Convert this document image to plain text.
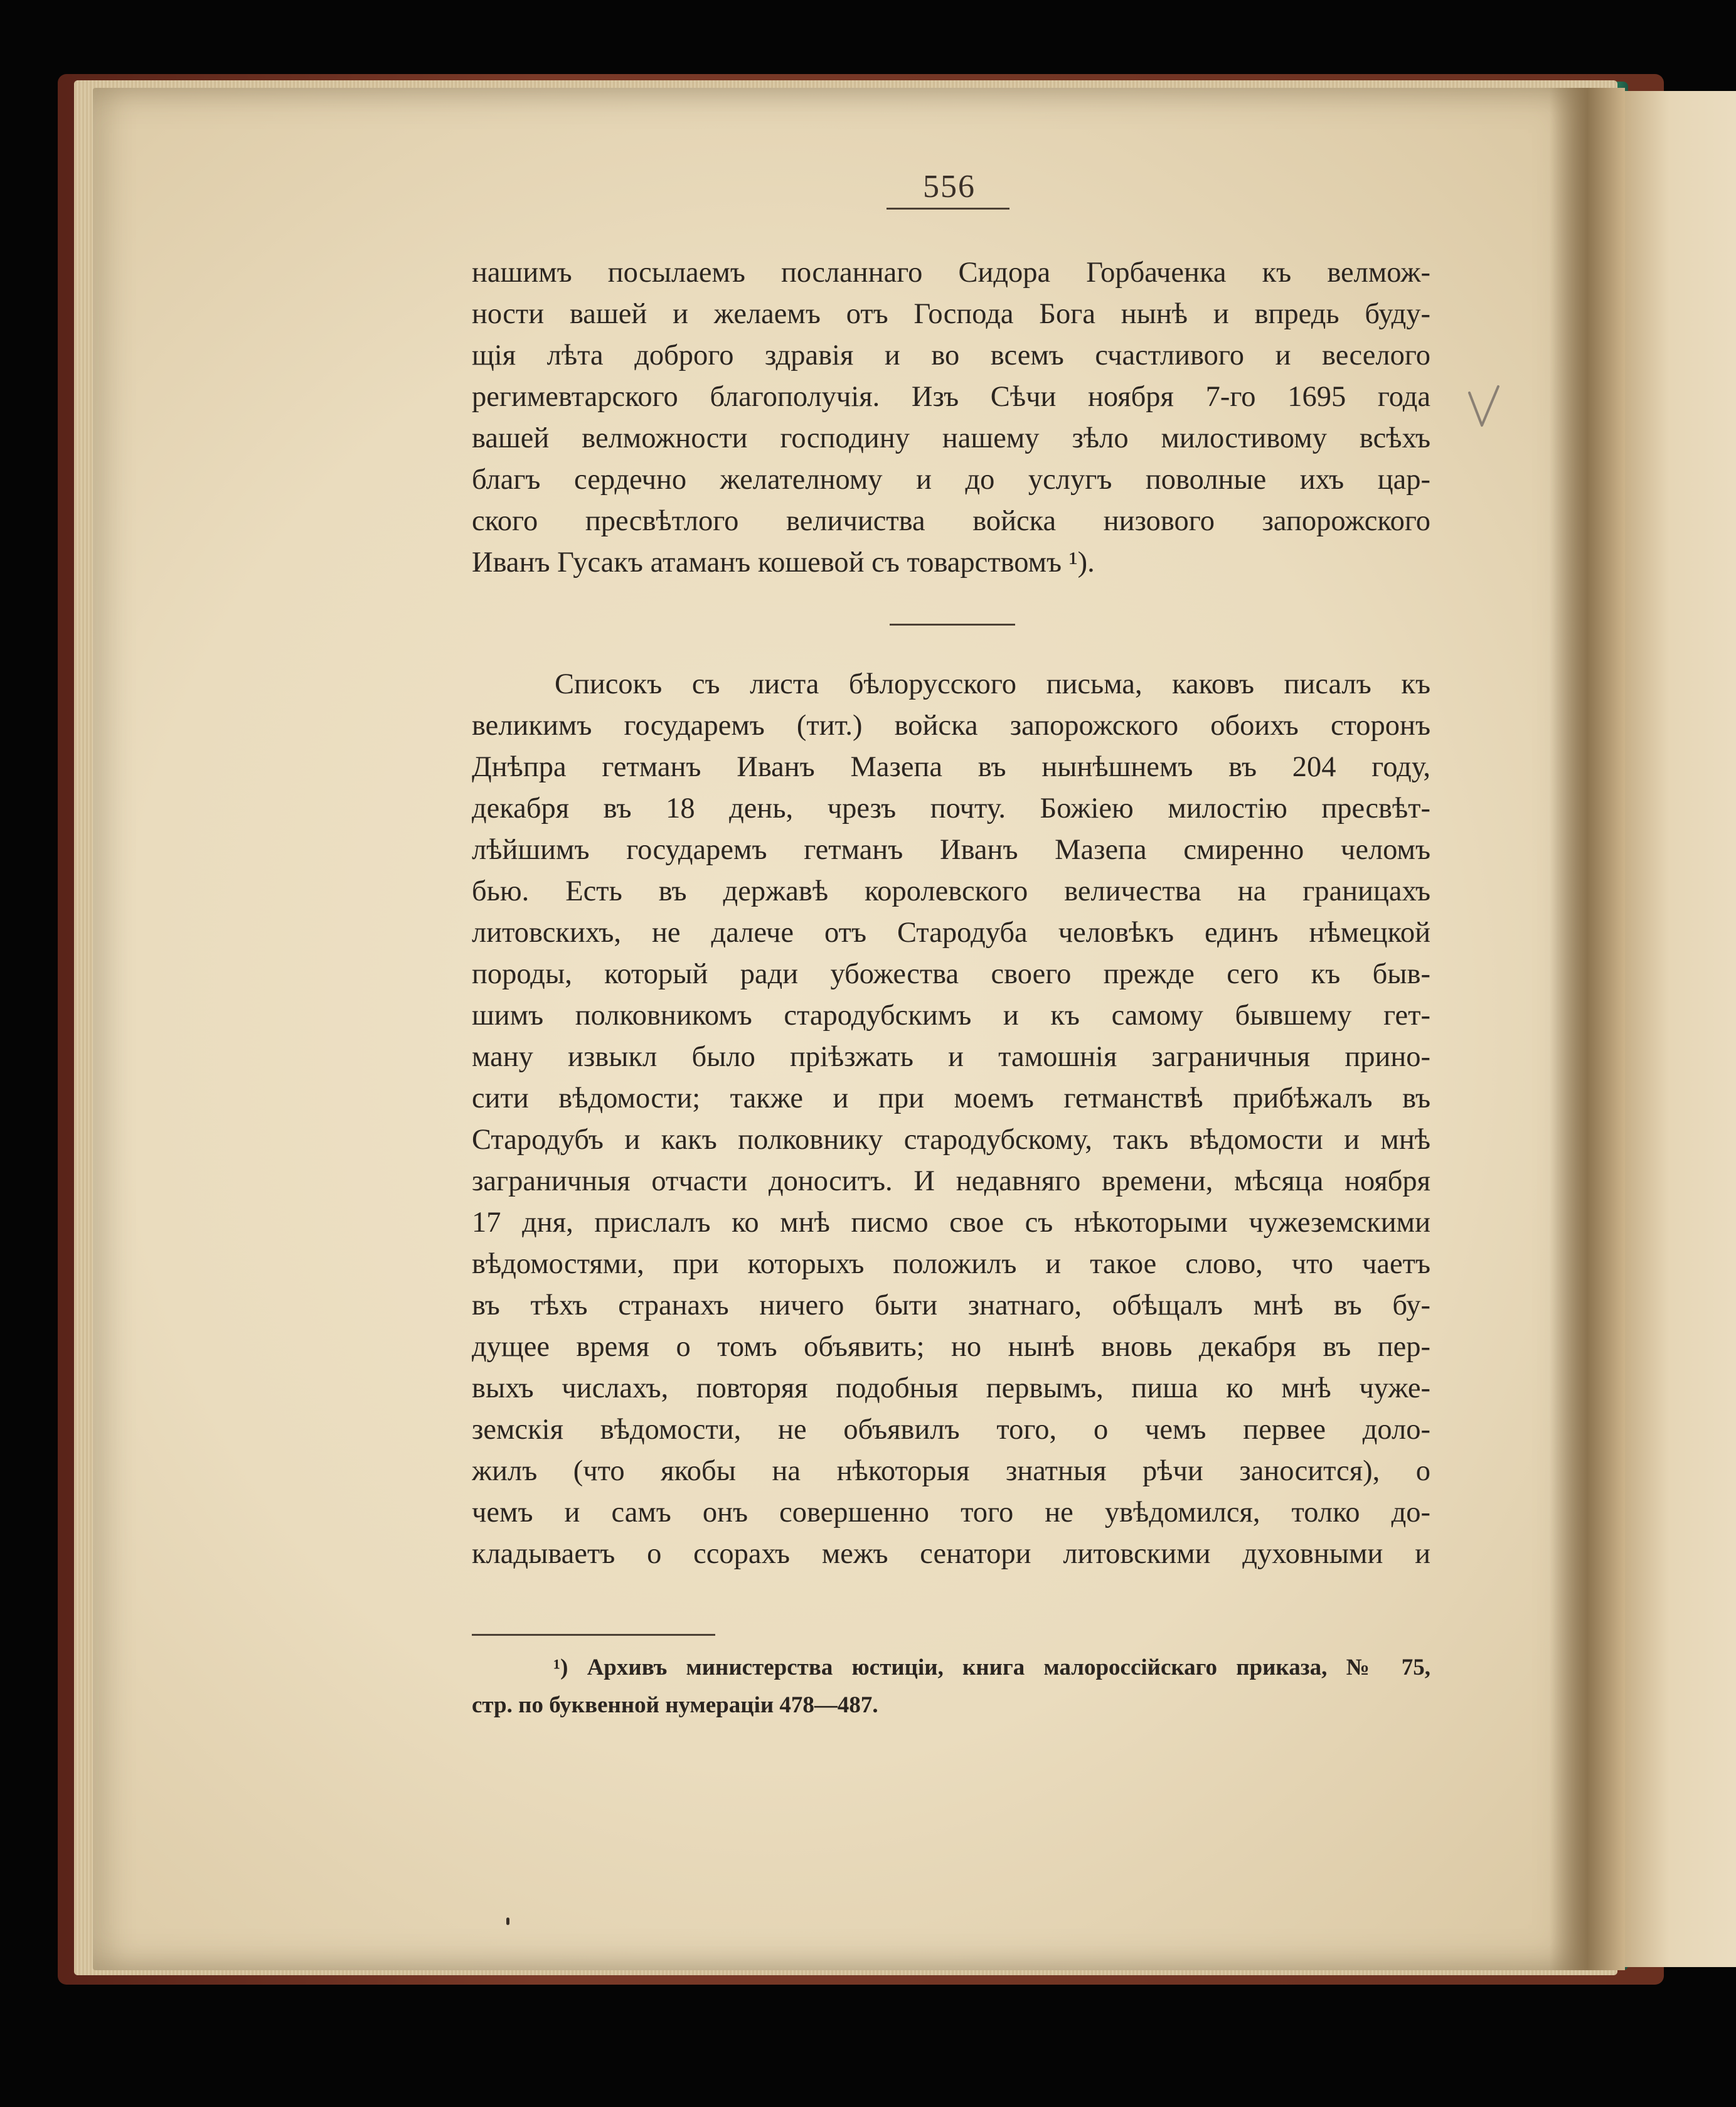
556
нашимъ посылаемъ посланнаго Сидора Горбаченка къ велмож-
ности вашей и желаемъ отъ Господа Бога нынѣ и впредь буду-
щія лѣта доброго здравія и во всемъ счастливого и веселого
регимевтарского благополучія. Изъ Сѣчи ноября 7-го 1695 года
вашей велможности господину нашему зѣло милостивому всѣхъ
благъ сердечно желателному и до услугъ поволные ихъ цар-
ского пресвѣтлого величиства войска низового запорожского
Иванъ Гусакъ атаманъ кошевой съ товарствомъ ¹).
Списокъ съ листа бѣлорусского письма, каковъ писалъ къ
великимъ государемъ (тит.) войска запорожского обоихъ сторонъ
Днѣпра гетманъ Иванъ Мазепа въ нынѣшнемъ въ 204 году,
декабря въ 18 день, чрезъ почту. Божіею милостію пресвѣт-
лѣйшимъ государемъ гетманъ Иванъ Мазепа смиренно челомъ
бью. Есть въ державѣ королевского величества на границахъ
литовскихъ, не далече отъ Стародуба человѣкъ единъ нѣмецкой
породы, который ради убожества своего прежде сего къ быв-
шимъ полковникомъ стародубскимъ и къ самому бывшему гет-
ману извыкл было пріѣзжать и тамошнія заграничныя прино-
сити вѣдомости; также и при моемъ гетманствѣ прибѣжалъ въ
Стародубъ и какъ полковнику стародубскому, такъ вѣдомости и мнѣ
заграничныя отчасти доноситъ. И недавняго времени, мѣсяца ноября
17 дня, прислалъ ко мнѣ писмо свое съ нѣкоторыми чужеземскими
вѣдомостями, при которыхъ положилъ и такое слово, что чаетъ
въ тѣхъ странахъ ничего быти знатнаго, обѣщалъ мнѣ въ бу-
дущее время о томъ объявить; но нынѣ вновь декабря въ пер-
выхъ числахъ, повторяя подобныя первымъ, пиша ко мнѣ чуже-
земскія вѣдомости, не объявилъ того, о чемъ первее доло-
жилъ (что якобы на нѣкоторыя знатныя рѣчи заносится), о
чемъ и самъ онъ совершенно того не увѣдомился, толко до-
кладываетъ о ссорахъ межъ сенатори литовскими духовными и
¹) Архивъ министерства юстиціи, книга малороссійскаго приказа, № 75,
стр. по буквенной нумераціи 478—487.
